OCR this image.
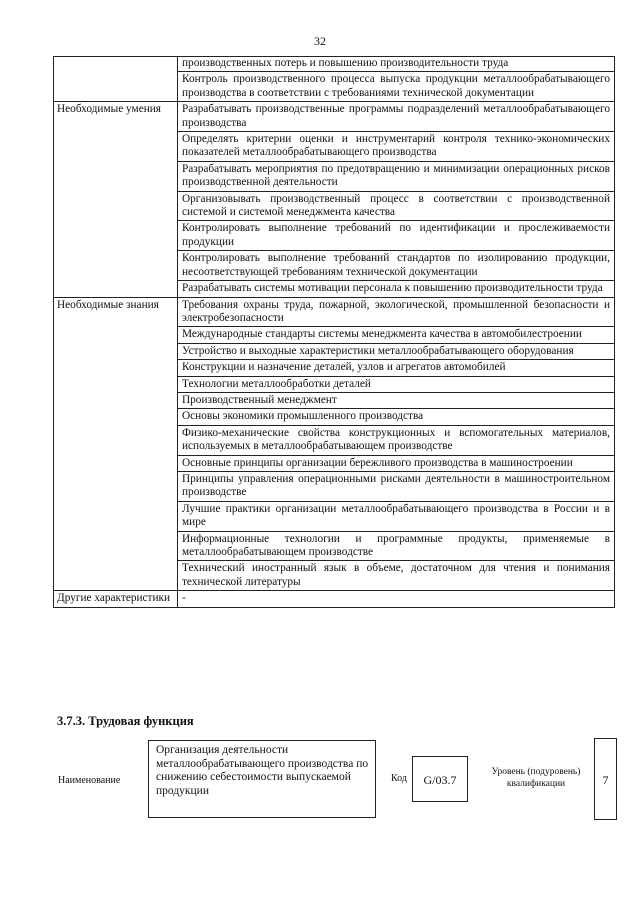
32
	производственных потерь и повышению производительности труда
	Контроль производственного процесса выпуска продукции металлообрабатывающего производства в соответствии с требованиями технической документации
Необходимые умения	Разрабатывать производственные программы подразделений металлообрабатывающего производства
	Определять критерии оценки и инструментарий контроля технико-экономических показателей металлообрабатывающего производства
	Разрабатывать мероприятия по предотвращению и минимизации операционных рисков производственной деятельности
	Организовывать производственный процесс в соответствии с производственной системой и системой менеджмента качества
	Контролировать выполнение требований по идентификации и прослеживаемости продукции
	Контролировать выполнение требований стандартов по изолированию продукции, несоответствующей требованиям технической документации
	Разрабатывать системы мотивации персонала к повышению производительности труда
Необходимые знания	Требования охраны труда, пожарной, экологической, промышленной безопасности и электробезопасности
	Международные стандарты системы менеджмента качества в автомобилестроении
	Устройство и выходные характеристики металлообрабатывающего оборудования
	Конструкции и назначение деталей, узлов и агрегатов автомобилей
	Технологии металлообработки деталей
	Производственный менеджмент
	Основы экономики промышленного производства
	Физико-механические свойства конструкционных и вспомогательных материалов, используемых в металлообрабатывающем производстве
	Основные принципы организации бережливого производства в машиностроении
	Принципы управления операционными рисками деятельности в машиностроительном производстве
	Лучшие практики организации металлообрабатывающего производства в России и в мире
	Информационные технологии и программные продукты, применяемые в металлообрабатывающем производстве
	Технический иностранный язык в объеме, достаточном для чтения и понимания технической литературы
Другие характеристики	-
3.7.3. Трудовая функция
Наименование
Организация деятельности металлообрабатывающего производства по снижению себестоимости выпускаемой продукции
Код	G/03.7
Уровень (подуровень) квалификации	7
